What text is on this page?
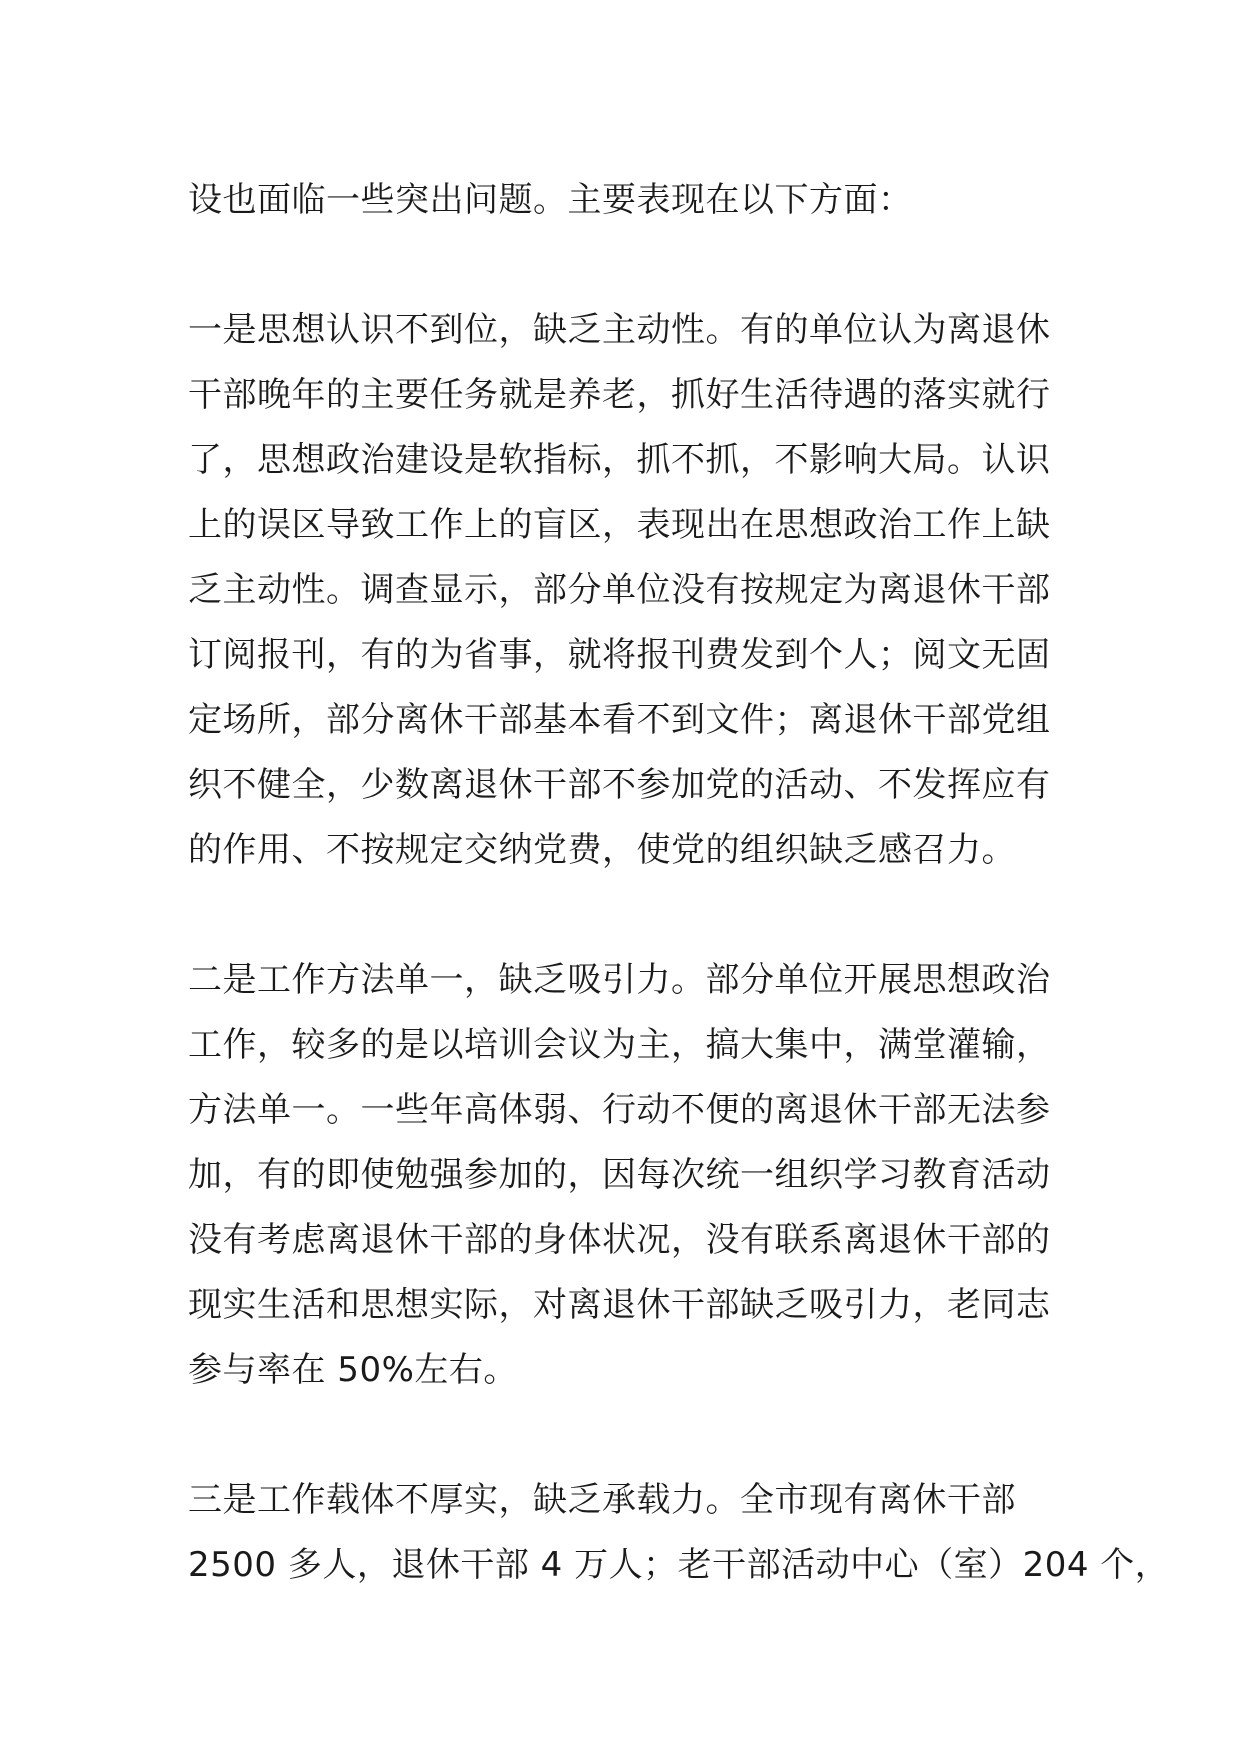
设也面临一些突出问题。主要表现在以下方面：
一是思想认识不到位，缺乏主动性。有的单位认为离退休
干部晚年的主要任务就是养老，抓好生活待遇的落实就行
了，思想政治建设是软指标，抓不抓，不影响大局。认识
上的误区导致工作上的盲区，表现出在思想政治工作上缺
乏主动性。调查显示，部分单位没有按规定为离退休干部
订阅报刊，有的为省事，就将报刊费发到个人；阅文无固
定场所，部分离休干部基本看不到文件；离退休干部党组
织不健全，少数离退休干部不参加党的活动、不发挥应有
的作用、不按规定交纳党费，使党的组织缺乏感召力。
二是工作方法单一，缺乏吸引力。部分单位开展思想政治
工作，较多的是以培训会议为主，搞大集中，满堂灌输，
方法单一。一些年高体弱、行动不便的离退休干部无法参
加，有的即使勉强参加的，因每次统一组织学习教育活动
没有考虑离退休干部的身体状况，没有联系离退休干部的
现实生活和思想实际，对离退休干部缺乏吸引力，老同志
参与率在 50%左右。
三是工作载体不厚实，缺乏承载力。全市现有离休干部
2500 多人，退休干部 4 万人；老干部活动中心（室）204 个，
